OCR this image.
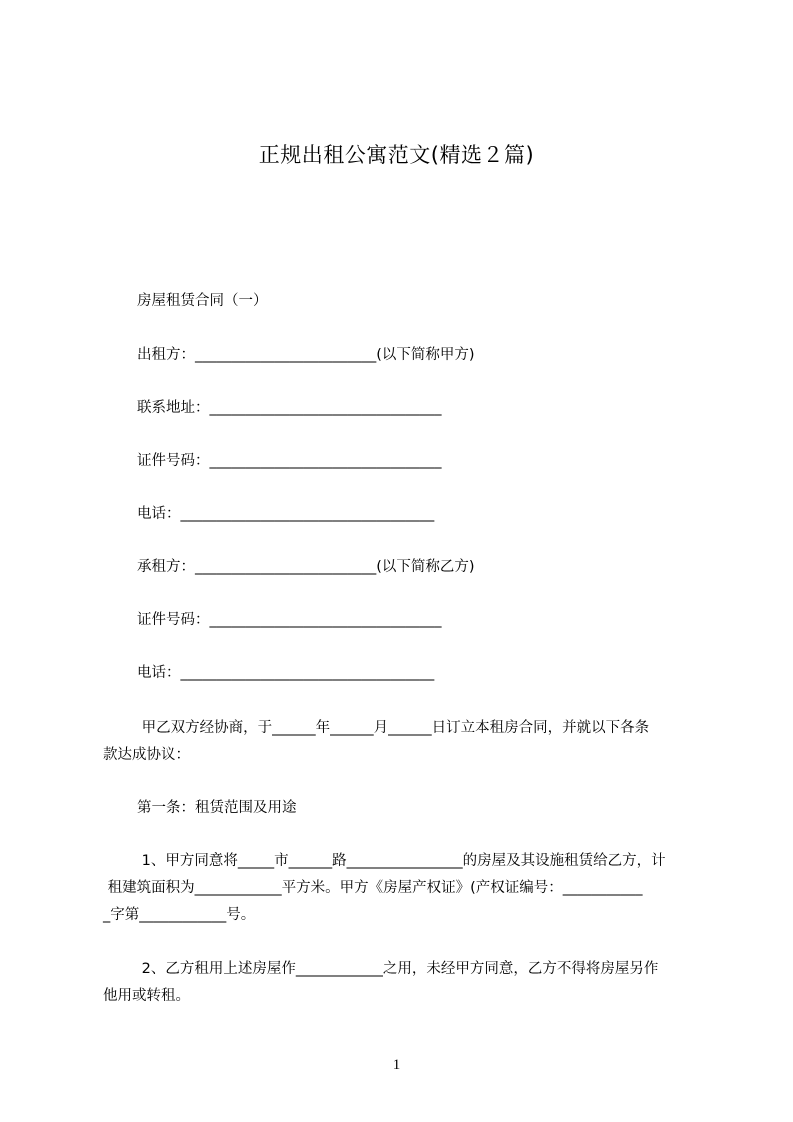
正规出租公寓范文(精选２篇)
房屋租赁合同（一）
出租方：_________________________(以下简称甲方)
联系地址：________________________________
证件号码：________________________________
电话：___________________________________
承租方：_________________________(以下简称乙方)
证件号码：________________________________
电话：___________________________________
甲乙双方经协商，于______年______月______日订立本租房合同，并就以下各条
款达成协议：
第一条：租赁范围及用途
1、甲方同意将_____市______路________________的房屋及其设施租赁给乙方，计
租建筑面积为____________平方米。甲方《房屋产权证》(产权证编号：___________
_字第____________号。
2、乙方租用上述房屋作____________之用，未经甲方同意，乙方不得将房屋另作
他用或转租。
1
